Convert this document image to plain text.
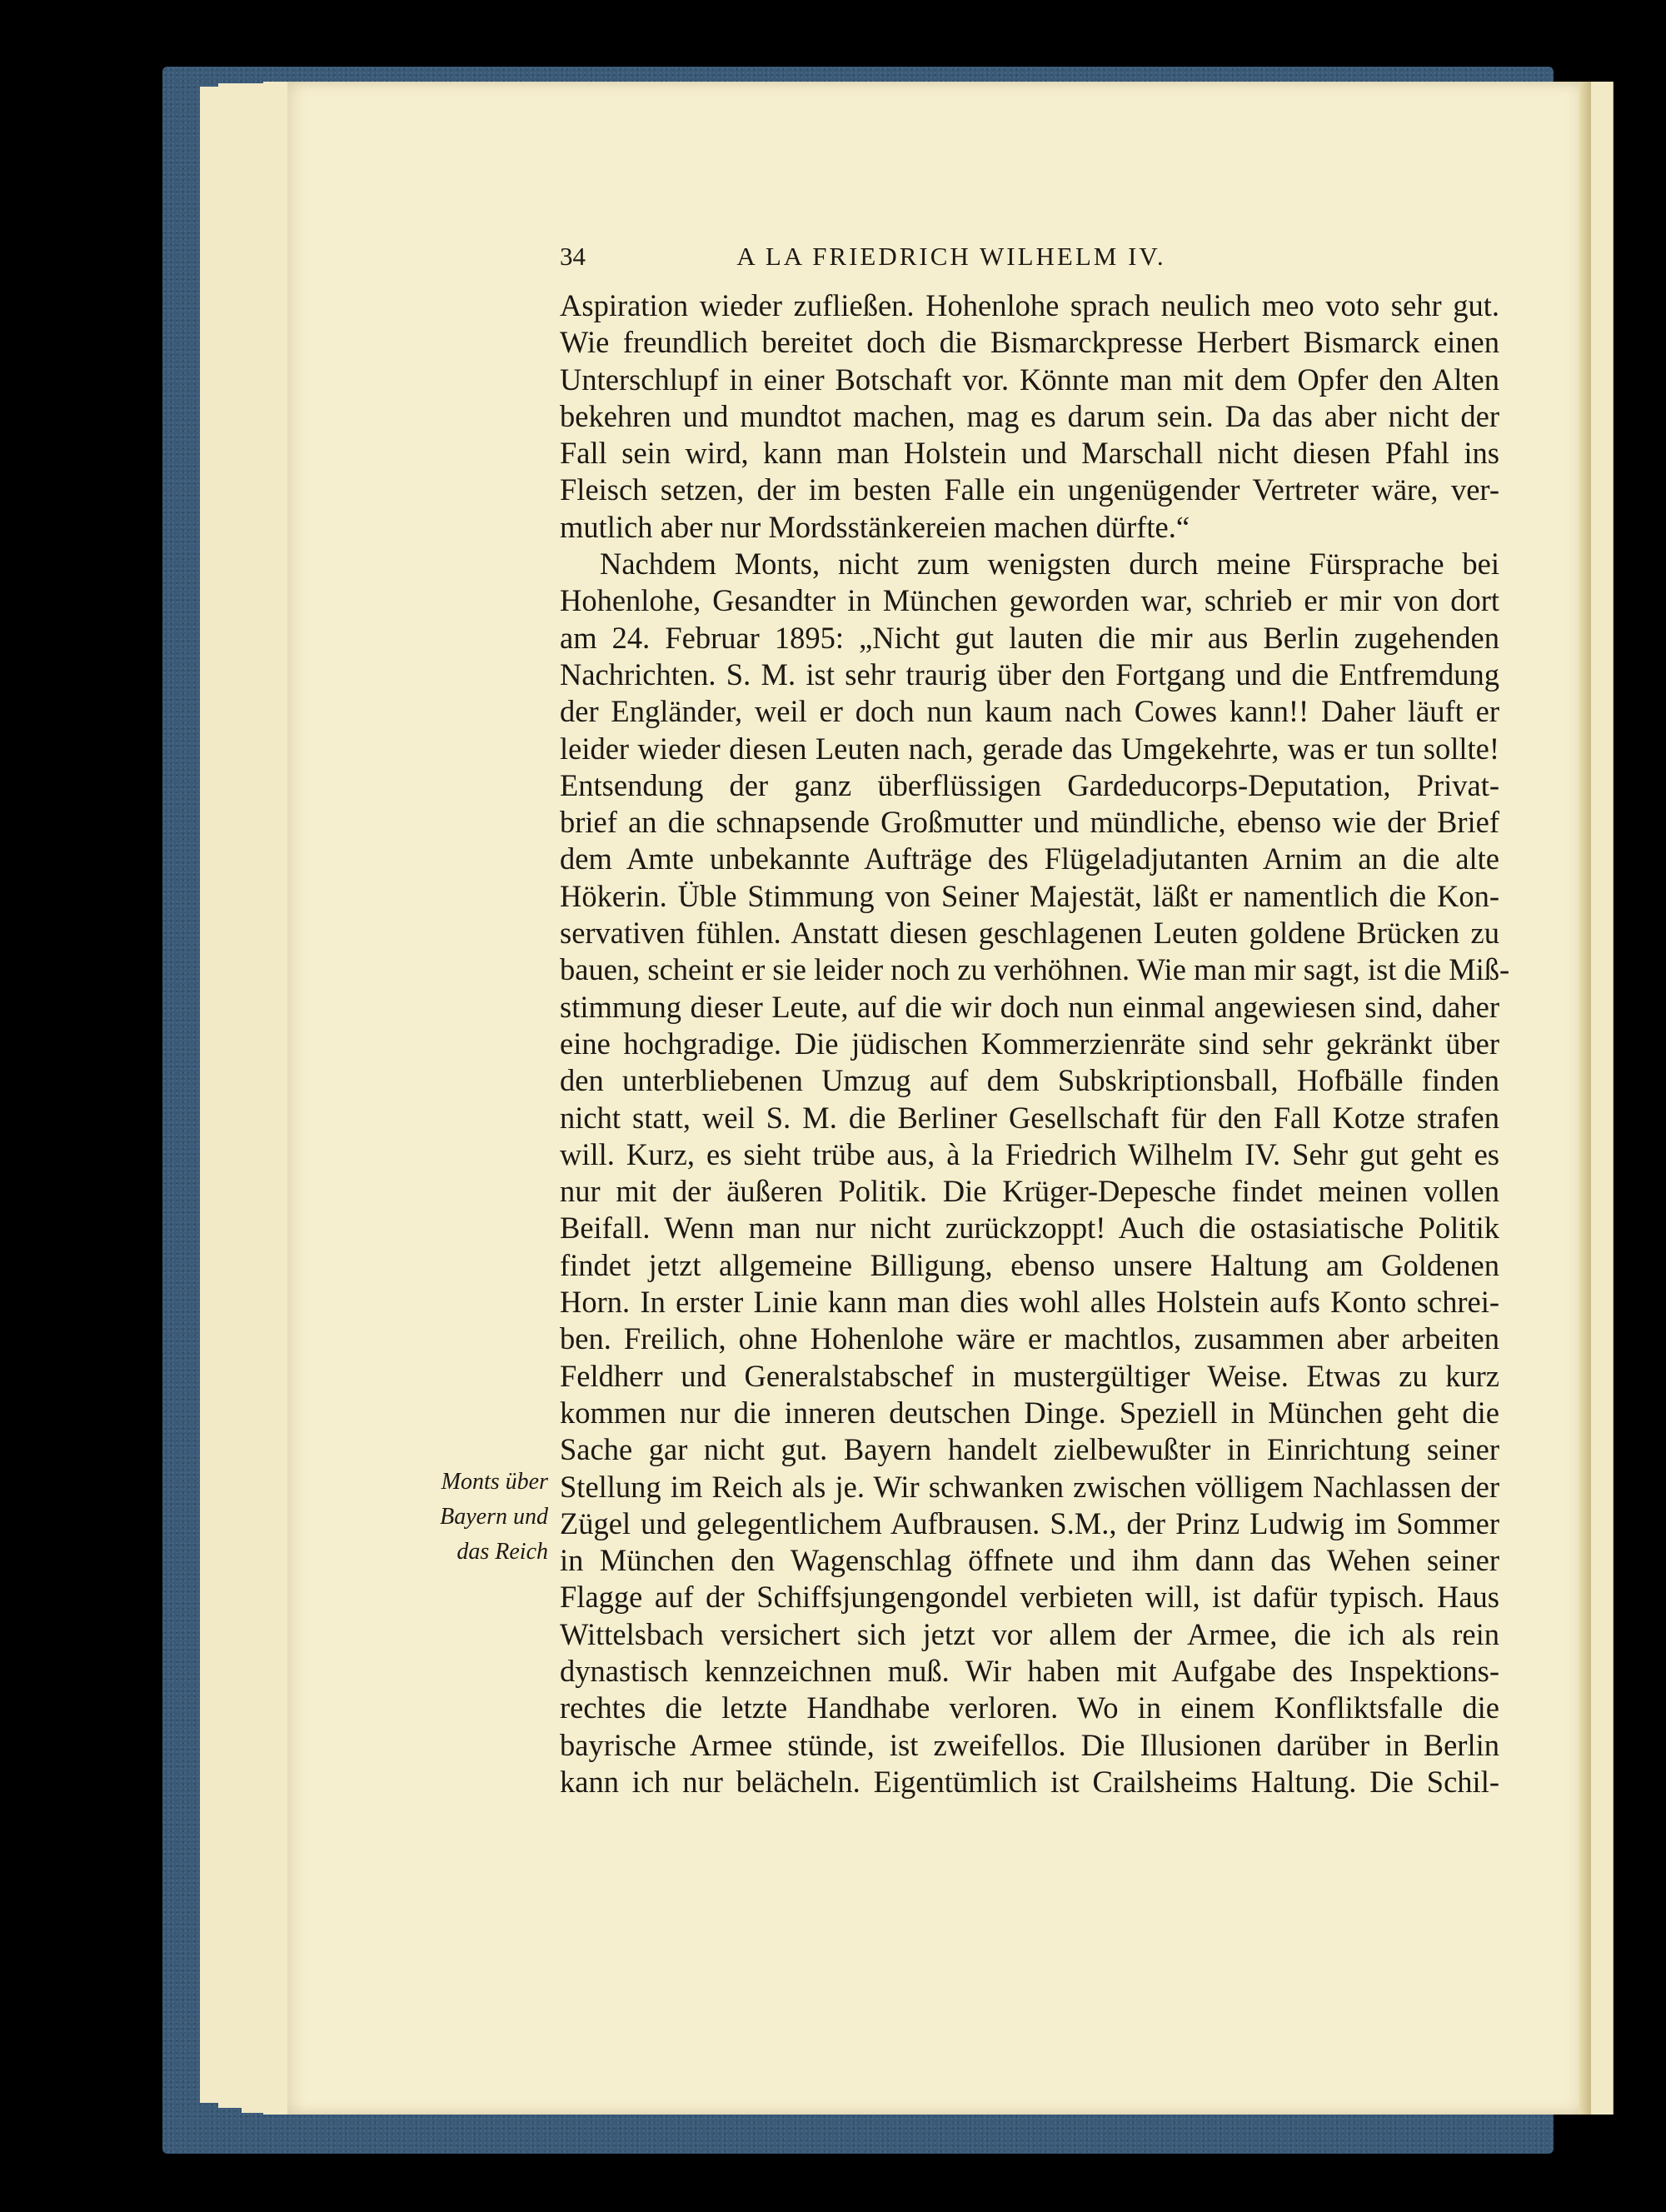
34	A LA FRIEDRICH WILHELM IV.
Aspiration wieder zufließen. Hohenlohe sprach neulich meo voto sehr gut.
Wie freundlich bereitet doch die Bismarckpresse Herbert Bismarck einen
Unterschlupf in einer Botschaft vor. Könnte man mit dem Opfer den Alten
bekehren und mundtot machen, mag es darum sein. Da das aber nicht der
Fall sein wird, kann man Holstein und Marschall nicht diesen Pfahl ins
Fleisch setzen, der im besten Falle ein ungenügender Vertreter wäre, ver-
mutlich aber nur Mordsstänkereien machen dürfte.“
Nachdem Monts, nicht zum wenigsten durch meine Fürsprache bei
Hohenlohe, Gesandter in München geworden war, schrieb er mir von dort
am 24. Februar 1895: „Nicht gut lauten die mir aus Berlin zugehenden
Nachrichten. S. M. ist sehr traurig über den Fortgang und die Entfremdung
der Engländer, weil er doch nun kaum nach Cowes kann!! Daher läuft er
leider wieder diesen Leuten nach, gerade das Umgekehrte, was er tun sollte!
Entsendung der ganz überflüssigen Gardeducorps-Deputation, Privat-
brief an die schnapsende Großmutter und mündliche, ebenso wie der Brief
dem Amte unbekannte Aufträge des Flügeladjutanten Arnim an die alte
Hökerin. Üble Stimmung von Seiner Majestät, läßt er namentlich die Kon-
servativen fühlen. Anstatt diesen geschlagenen Leuten goldene Brücken zu
bauen, scheint er sie leider noch zu verhöhnen. Wie man mir sagt, ist die Miß-
stimmung dieser Leute, auf die wir doch nun einmal angewiesen sind, daher
eine hochgradige. Die jüdischen Kommerzienräte sind sehr gekränkt über
den unterbliebenen Umzug auf dem Subskriptionsball, Hofbälle finden
nicht statt, weil S. M. die Berliner Gesellschaft für den Fall Kotze strafen
will. Kurz, es sieht trübe aus, à la Friedrich Wilhelm IV. Sehr gut geht es
nur mit der äußeren Politik. Die Krüger-Depesche findet meinen vollen
Beifall. Wenn man nur nicht zurückzoppt! Auch die ostasiatische Politik
findet jetzt allgemeine Billigung, ebenso unsere Haltung am Goldenen
Horn. In erster Linie kann man dies wohl alles Holstein aufs Konto schrei-
ben. Freilich, ohne Hohenlohe wäre er machtlos, zusammen aber arbeiten
Feldherr und Generalstabschef in mustergültiger Weise. Etwas zu kurz
kommen nur die inneren deutschen Dinge. Speziell in München geht die
Sache gar nicht gut. Bayern handelt zielbewußter in Einrichtung seiner
Stellung im Reich als je. Wir schwanken zwischen völligem Nachlassen der
Zügel und gelegentlichem Aufbrausen. S.M., der Prinz Ludwig im Sommer
in München den Wagenschlag öffnete und ihm dann das Wehen seiner
Flagge auf der Schiffsjungengondel verbieten will, ist dafür typisch. Haus
Wittelsbach versichert sich jetzt vor allem der Armee, die ich als rein
dynastisch kennzeichnen muß. Wir haben mit Aufgabe des Inspektions-
rechtes die letzte Handhabe verloren. Wo in einem Konfliktsfalle die
bayrische Armee stünde, ist zweifellos. Die Illusionen darüber in Berlin
kann ich nur belächeln. Eigentümlich ist Crailsheims Haltung. Die Schil-
Monts über
Bayern und
das Reich
